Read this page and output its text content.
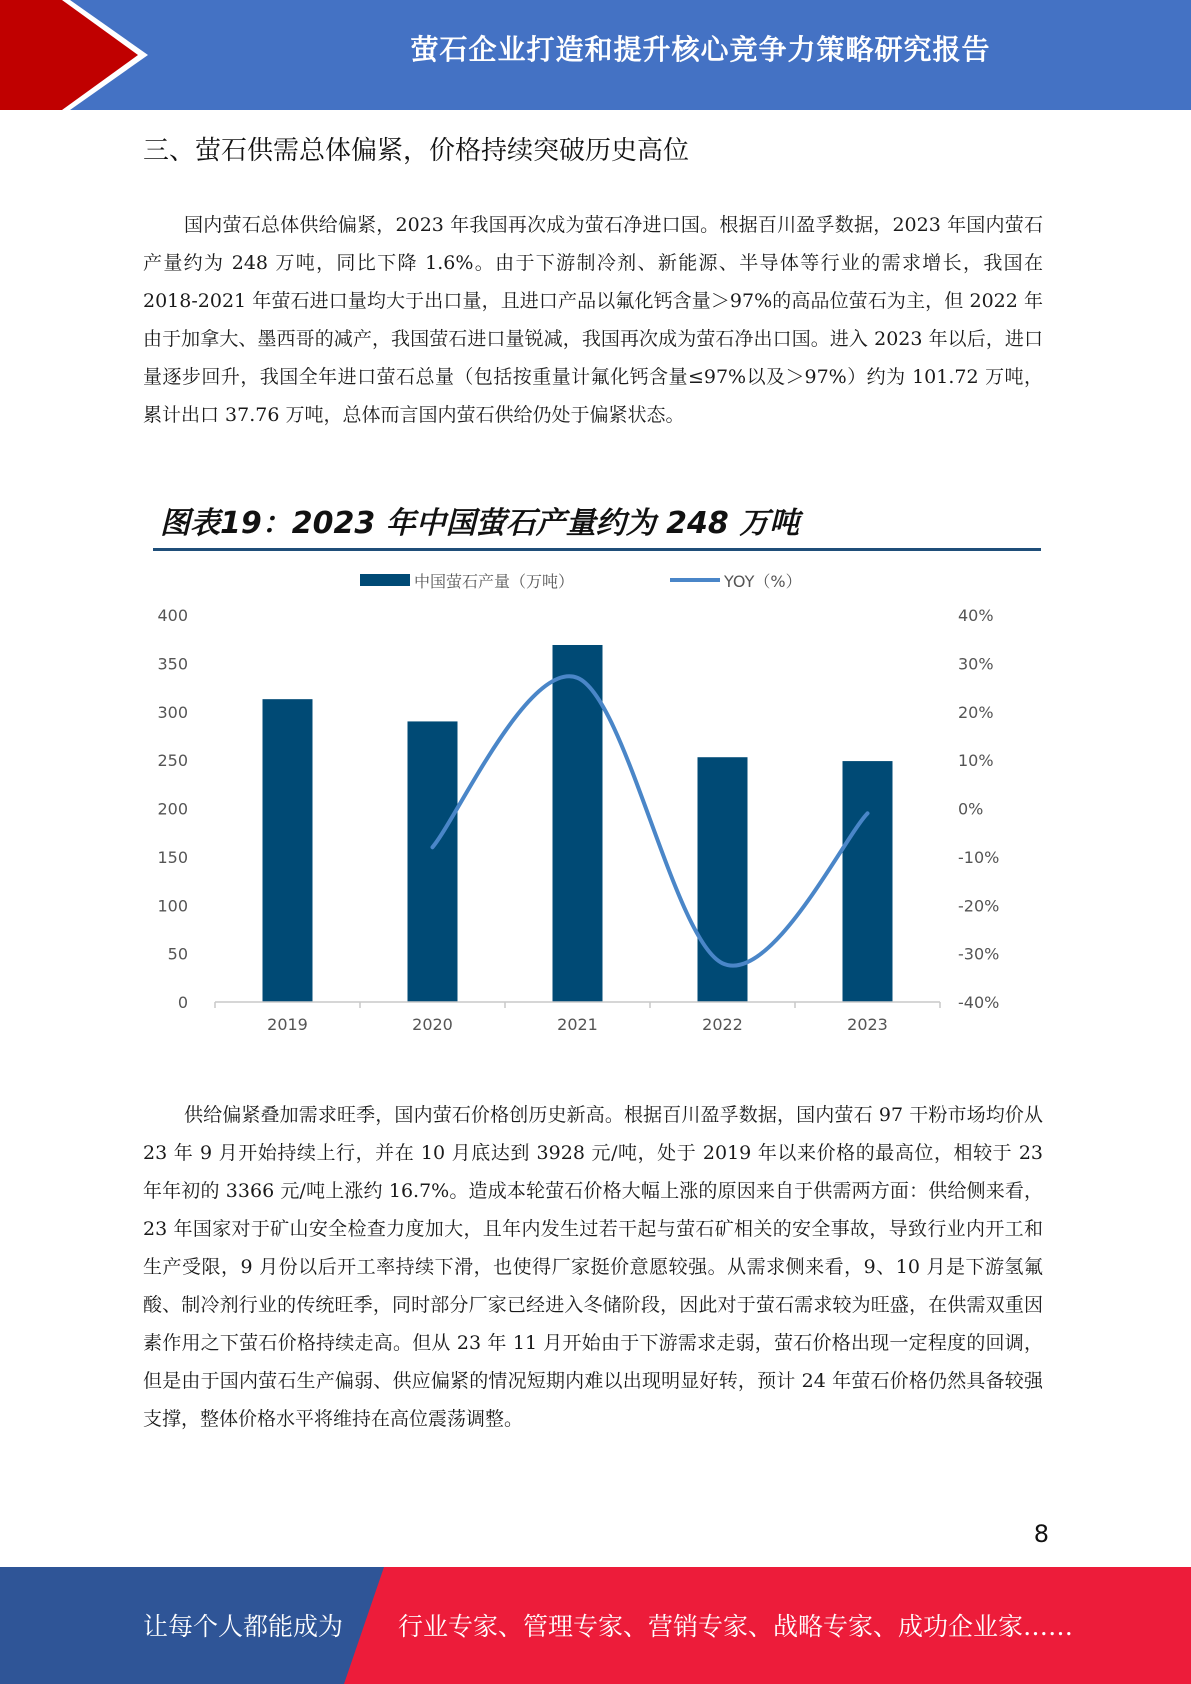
萤石企业打造和提升核心竞争力策略研究报告
三、萤石供需总体偏紧，价格持续突破历史高位

国内萤石总体供给偏紧，2023 年我国再次成为萤石净进口国。根据百川盈孚数据，2023 年国内萤石产量约为 248 万吨，同比下降 1.6%。由于下游制冷剂、新能源、半导体等行业的需求增长，我国在 2018-2021 年萤石进口量均大于出口量，且进口产品以氟化钙含量＞97%的高品位萤石为主，但 2022 年由于加拿大、墨西哥的减产，我国萤石进口量锐减，我国再次成为萤石净出口国。进入 2023 年以后，进口量逐步回升，我国全年进口萤石总量（包括按重量计氟化钙含量≤97%以及＞97%）约为 101.72 万吨，累计出口 37.76 万吨，总体而言国内萤石供给仍处于偏紧状态。

图表19：2023 年中国萤石产量约为 248 万吨
中国萤石产量（万吨）	YOY（%）
0
50
100
150
200
250
300
350
400
-40%
-30%
-20%
-10%
0%
10%
20%
30%
40%
2019	2020	2021	2022	2023

供给偏紧叠加需求旺季，国内萤石价格创历史新高。根据百川盈孚数据，国内萤石 97 干粉市场均价从 23 年 9 月开始持续上行，并在 10 月底达到 3928 元/吨，处于 2019 年以来价格的最高位，相较于 23 年年初的 3366 元/吨上涨约 16.7%。造成本轮萤石价格大幅上涨的原因来自于供需两方面：供给侧来看，23 年国家对于矿山安全检查力度加大，且年内发生过若干起与萤石矿相关的安全事故，导致行业内开工和生产受限，9 月份以后开工率持续下滑，也使得厂家挺价意愿较强。从需求侧来看，9、10 月是下游氢氟酸、制冷剂行业的传统旺季，同时部分厂家已经进入冬储阶段，因此对于萤石需求较为旺盛，在供需双重因素作用之下萤石价格持续走高。但从 23 年 11 月开始由于下游需求走弱，萤石价格出现一定程度的回调，但是由于国内萤石生产偏弱、供应偏紧的情况短期内难以出现明显好转，预计 24 年萤石价格仍然具备较强支撑，整体价格水平将维持在高位震荡调整。

8
让每个人都能成为 行业专家、管理专家、营销专家、战略专家、成功企业家……
